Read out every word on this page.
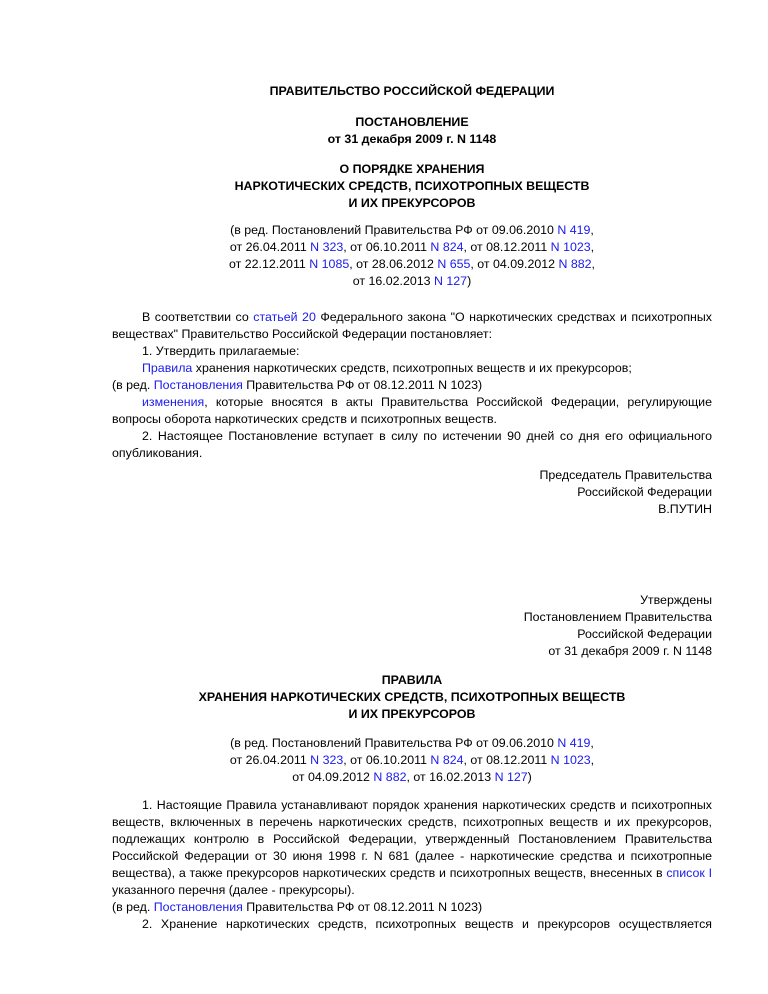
ПРАВИТЕЛЬСТВО РОССИЙСКОЙ ФЕДЕРАЦИИ
ПОСТАНОВЛЕНИЕ
от 31 декабря 2009 г. N 1148
О ПОРЯДКЕ ХРАНЕНИЯ
НАРКОТИЧЕСКИХ СРЕДСТВ, ПСИХОТРОПНЫХ ВЕЩЕСТВ
И ИХ ПРЕКУРСОРОВ
(в ред. Постановлений Правительства РФ от 09.06.2010 N 419,
от 26.04.2011 N 323, от 06.10.2011 N 824, от 08.12.2011 N 1023,
от 22.12.2011 N 1085, от 28.06.2012 N 655, от 04.09.2012 N 882,
от 16.02.2013 N 127)

В соответствии со статьей 20 Федерального закона "О наркотических средствах и психотропных веществах" Правительство Российской Федерации постановляет:

1. Утвердить прилагаемые:

Правила хранения наркотических средств, психотропных веществ и их прекурсоров;

(в ред. Постановления Правительства РФ от 08.12.2011 N 1023)

изменения, которые вносятся в акты Правительства Российской Федерации, регулирующие вопросы оборота наркотических средств и психотропных веществ.

2. Настоящее Постановление вступает в силу по истечении 90 дней со дня его официального опубликования.

Председатель Правительства
Российской Федерации
В.ПУТИН
Утверждены
Постановлением Правительства
Российской Федерации
от 31 декабря 2009 г. N 1148
ПРАВИЛА
ХРАНЕНИЯ НАРКОТИЧЕСКИХ СРЕДСТВ, ПСИХОТРОПНЫХ ВЕЩЕСТВ
И ИХ ПРЕКУРСОРОВ
(в ред. Постановлений Правительства РФ от 09.06.2010 N 419,
от 26.04.2011 N 323, от 06.10.2011 N 824, от 08.12.2011 N 1023,
от 04.09.2012 N 882, от 16.02.2013 N 127)

1. Настоящие Правила устанавливают порядок хранения наркотических средств и психотропных веществ, включенных в перечень наркотических средств, психотропных веществ и их прекурсоров, подлежащих контролю в Российской Федерации, утвержденный Постановлением Правительства Российской Федерации от 30 июня 1998 г. N 681 (далее - наркотические средства и психотропные вещества), а также прекурсоров наркотических средств и психотропных веществ, внесенных в список I указанного перечня (далее - прекурсоры).

(в ред. Постановления Правительства РФ от 08.12.2011 N 1023)

2. Хранение наркотических средств, психотропных веществ и прекурсоров осуществляется
